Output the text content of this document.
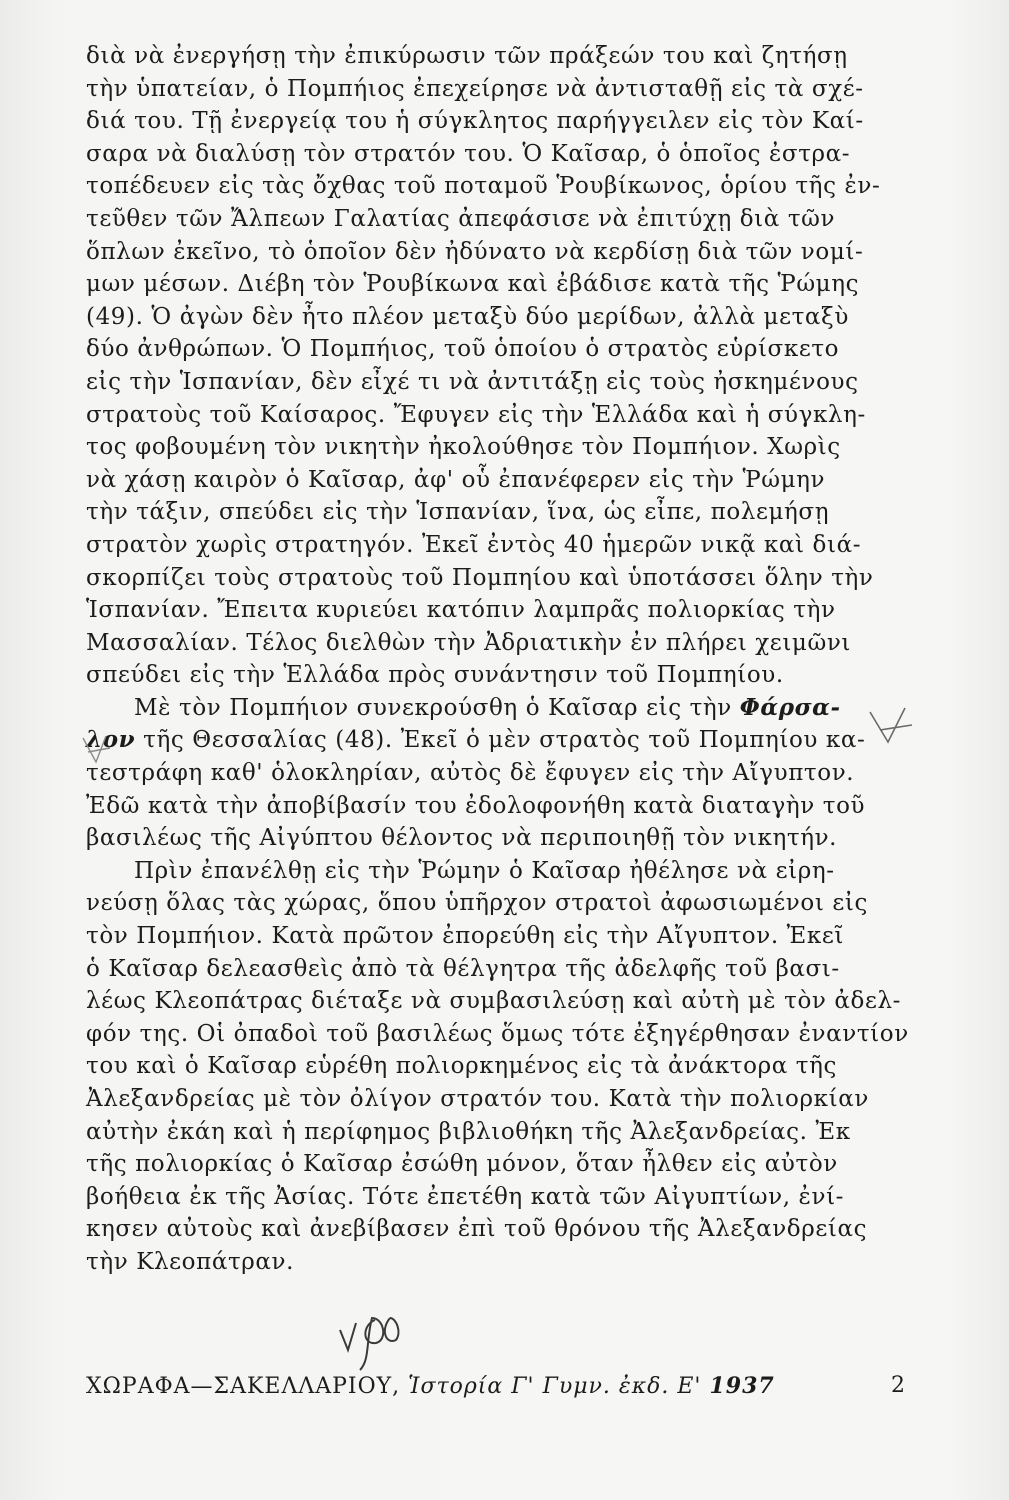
διὰ νὰ ἐνεργήσῃ τὴν ἐπικύρωσιν τῶν πράξεών του καὶ ζητήσῃ
τὴν ὑπατείαν, ὁ Πομπήιος ἐπεχείρησε νὰ ἀντισταθῇ εἰς τὰ σχέ-
διά του. Τῇ ἐνεργείᾳ του ἡ σύγκλητος παρήγγειλεν εἰς τὸν Καί-
σαρα νὰ διαλύσῃ τὸν στρατόν του. Ὁ Καῖσαρ, ὁ ὁποῖος ἐστρα-
τοπέδευεν εἰς τὰς ὄχθας τοῦ ποταμοῦ Ῥουβίκωνος, ὁρίου τῆς ἐν-
τεῦθεν τῶν Ἄλπεων Γαλατίας ἀπεφάσισε νὰ ἐπιτύχῃ διὰ τῶν
ὅπλων ἐκεῖνο, τὸ ὁποῖον δὲν ἠδύνατο νὰ κερδίσῃ διὰ τῶν νομί-
μων μέσων. Διέβη τὸν Ῥουβίκωνα καὶ ἐβάδισε κατὰ τῆς Ῥώμης
(49). Ὁ ἀγὼν δὲν ἦτο πλέον μεταξὺ δύο μερίδων, ἀλλὰ μεταξὺ
δύο ἀνθρώπων. Ὁ Πομπήιος, τοῦ ὁποίου ὁ στρατὸς εὑρίσκετο
εἰς τὴν Ἱσπανίαν, δὲν εἶχέ τι νὰ ἀντιτάξῃ εἰς τοὺς ἠσκημένους
στρατοὺς τοῦ Καίσαρος. Ἔφυγεν εἰς τὴν Ἑλλάδα καὶ ἡ σύγκλη-
τος φοβουμένη τὸν νικητὴν ἠκολούθησε τὸν Πομπήιον. Χωρὶς
νὰ χάσῃ καιρὸν ὁ Καῖσαρ, ἀφ' οὗ ἐπανέφερεν εἰς τὴν Ῥώμην
τὴν τάξιν, σπεύδει εἰς τὴν Ἱσπανίαν, ἵνα, ὡς εἶπε, πολεμήσῃ
στρατὸν χωρὶς στρατηγόν. Ἐκεῖ ἐντὸς 40 ἡμερῶν νικᾷ καὶ διά-
σκορπίζει τοὺς στρατοὺς τοῦ Πομπηίου καὶ ὑποτάσσει ὅλην τὴν
Ἱσπανίαν. Ἔπειτα κυριεύει κατόπιν λαμπρᾶς πολιορκίας τὴν
Μασσαλίαν. Τέλος διελθὼν τὴν Ἀδριατικὴν ἐν πλήρει χειμῶνι
σπεύδει εἰς τὴν Ἑλλάδα πρὸς συνάντησιν τοῦ Πομπηίου.
Μὲ τὸν Πομπήιον συνεκρούσθη ὁ Καῖσαρ εἰς τὴν Φάρσα-
λον τῆς Θεσσαλίας (48). Ἐκεῖ ὁ μὲν στρατὸς τοῦ Πομπηίου κα-
τεστράφη καθ' ὁλοκληρίαν, αὐτὸς δὲ ἔφυγεν εἰς τὴν Αἴγυπτον.
Ἐδῶ κατὰ τὴν ἀποβίβασίν του ἐδολοφονήθη κατὰ διαταγὴν τοῦ
βασιλέως τῆς Αἰγύπτου θέλοντος νὰ περιποιηθῇ τὸν νικητήν.
Πρὶν ἐπανέλθῃ εἰς τὴν Ῥώμην ὁ Καῖσαρ ἠθέλησε νὰ εἰρη-
νεύσῃ ὅλας τὰς χώρας, ὅπου ὑπῆρχον στρατοὶ ἀφωσιωμένοι εἰς
τὸν Πομπήιον. Κατὰ πρῶτον ἐπορεύθη εἰς τὴν Αἴγυπτον. Ἐκεῖ
ὁ Καῖσαρ δελεασθεὶς ἀπὸ τὰ θέλγητρα τῆς ἀδελφῆς τοῦ βασι-
λέως Κλεοπάτρας διέταξε νὰ συμβασιλεύσῃ καὶ αὐτὴ μὲ τὸν ἀδελ-
φόν της. Οἱ ὀπαδοὶ τοῦ βασιλέως ὅμως τότε ἐξηγέρθησαν ἐναντίον
του καὶ ὁ Καῖσαρ εὑρέθη πολιορκημένος εἰς τὰ ἀνάκτορα τῆς
Ἀλεξανδρείας μὲ τὸν ὀλίγον στρατόν του. Κατὰ τὴν πολιορκίαν
αὐτὴν ἐκάη καὶ ἡ περίφημος βιβλιοθήκη τῆς Ἀλεξανδρείας. Ἐκ
τῆς πολιορκίας ὁ Καῖσαρ ἐσώθη μόνον, ὅταν ἦλθεν εἰς αὐτὸν
βοήθεια ἐκ τῆς Ἀσίας. Τότε ἐπετέθη κατὰ τῶν Αἰγυπτίων, ἐνί-
κησεν αὐτοὺς καὶ ἀνεβίβασεν ἐπὶ τοῦ θρόνου τῆς Ἀλεξανδρείας
τὴν Κλεοπάτραν.
ΧΩΡΑΦΑ—ΣΑΚΕΛΛΑΡΙΟΥ, Ἱστορία Γ' Γυμν. ἐκδ. Ε' 1937	2
